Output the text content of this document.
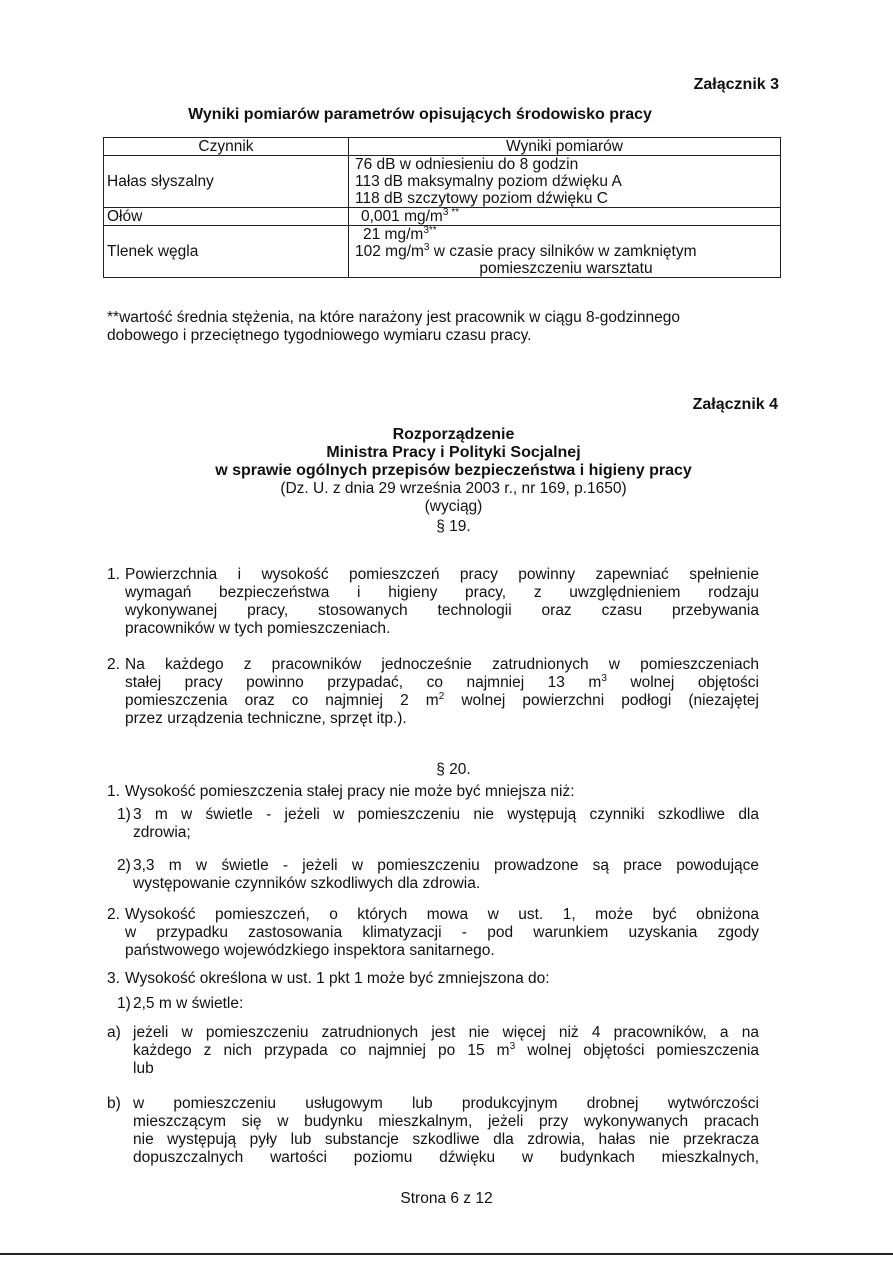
Załącznik 3
Wyniki pomiarów parametrów opisujących środowisko pracy
Czynnik	Wyniki pomiarów
Hałas słyszalny	76 dB w odniesieniu do 8 godzin
113 dB maksymalny poziom dźwięku A
118 dB szczytowy poziom dźwięku C

Ołów	0,001 $mg/m^3$ **
Tlenek węgla	21 $mg/m^{3**}$
102 $mg/m^3$ w czasie pracy silników w zamkniętym
pomieszczeniu warsztatu
**wartość średnia stężenia, na które narażony jest pracownik w ciągu 8-godzinnego
dobowego i przeciętnego tygodniowego wymiaru czasu pracy.
Załącznik 4
Rozporządzenie
Ministra Pracy i Polityki Socjalnej
w sprawie ogólnych przepisów bezpieczeństwa i higieny pracy
(Dz. U. z dnia 29 września 2003 r., nr 169, p.1650)
(wyciąg)
§ 19.
1. Powierzchnia i wysokość pomieszczeń pracy powinny zapewniać spełnienie
wymagań bezpieczeństwa i higieny pracy, z uwzględnieniem rodzaju
wykonywanej pracy, stosowanych technologii oraz czasu przebywania
pracowników w tych pomieszczeniach.
2. Na każdego z pracowników jednocześnie zatrudnionych w pomieszczeniach
stałej pracy powinno przypadać, co najmniej 13 $m^3$ wolnej objętości
pomieszczenia oraz co najmniej 2 $m^2$ wolnej powierzchni podłogi (niezajętej
przez urządzenia techniczne, sprzęt itp.).
§ 20.
1. Wysokość pomieszczenia stałej pracy nie może być mniejsza niż:
1) 3 m w świetle - jeżeli w pomieszczeniu nie występują czynniki szkodliwe dla
zdrowia;
2) 3,3 m w świetle - jeżeli w pomieszczeniu prowadzone są prace powodujące
występowanie czynników szkodliwych dla zdrowia.
2. Wysokość pomieszczeń, o których mowa w ust. 1, może być obniżona
w przypadku zastosowania klimatyzacji - pod warunkiem uzyskania zgody
państwowego wojewódzkiego inspektora sanitarnego.
3. Wysokość określona w ust. 1 pkt 1 może być zmniejszona do:
1) 2,5 m w świetle:
a) jeżeli w pomieszczeniu zatrudnionych jest nie więcej niż 4 pracowników, a na
każdego z nich przypada co najmniej po 15 $m^3$ wolnej objętości pomieszczenia
lub
b) w pomieszczeniu usługowym lub produkcyjnym drobnej wytwórczości
mieszczącym się w budynku mieszkalnym, jeżeli przy wykonywanych pracach
nie występują pyły lub substancje szkodliwe dla zdrowia, hałas nie przekracza
dopuszczalnych wartości poziomu dźwięku w budynkach mieszkalnych,
Strona 6 z 12
